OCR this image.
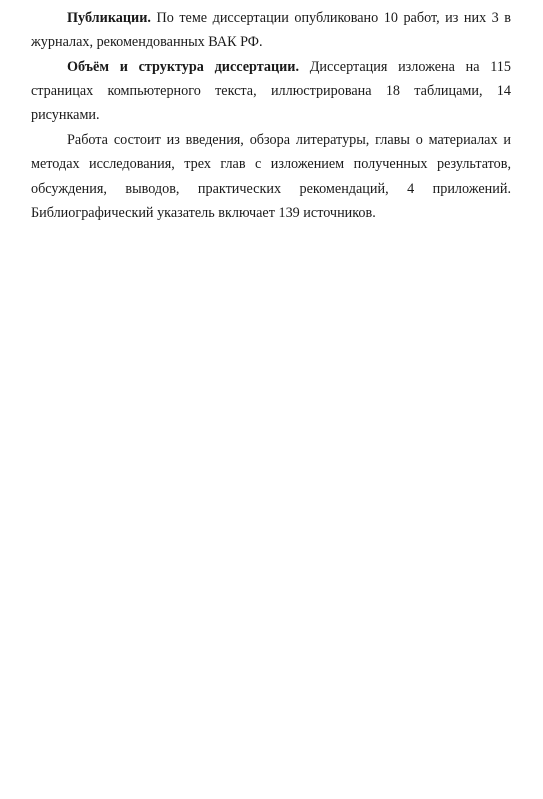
Публикации. По теме диссертации опубликовано 10 работ, из них 3 в
журналах, рекомендованных ВАК РФ.
Объём и структура диссертации. Диссертация изложена на 115
страницах компьютерного текста, иллюстрирована 18 таблицами, 14
рисунками.
Работа состоит из введения, обзора литературы, главы о материалах и
методах исследования, трех глав с изложением полученных результатов,
обсуждения, выводов, практических рекомендаций, 4 приложений.
Библиографический указатель включает 139 источников.
